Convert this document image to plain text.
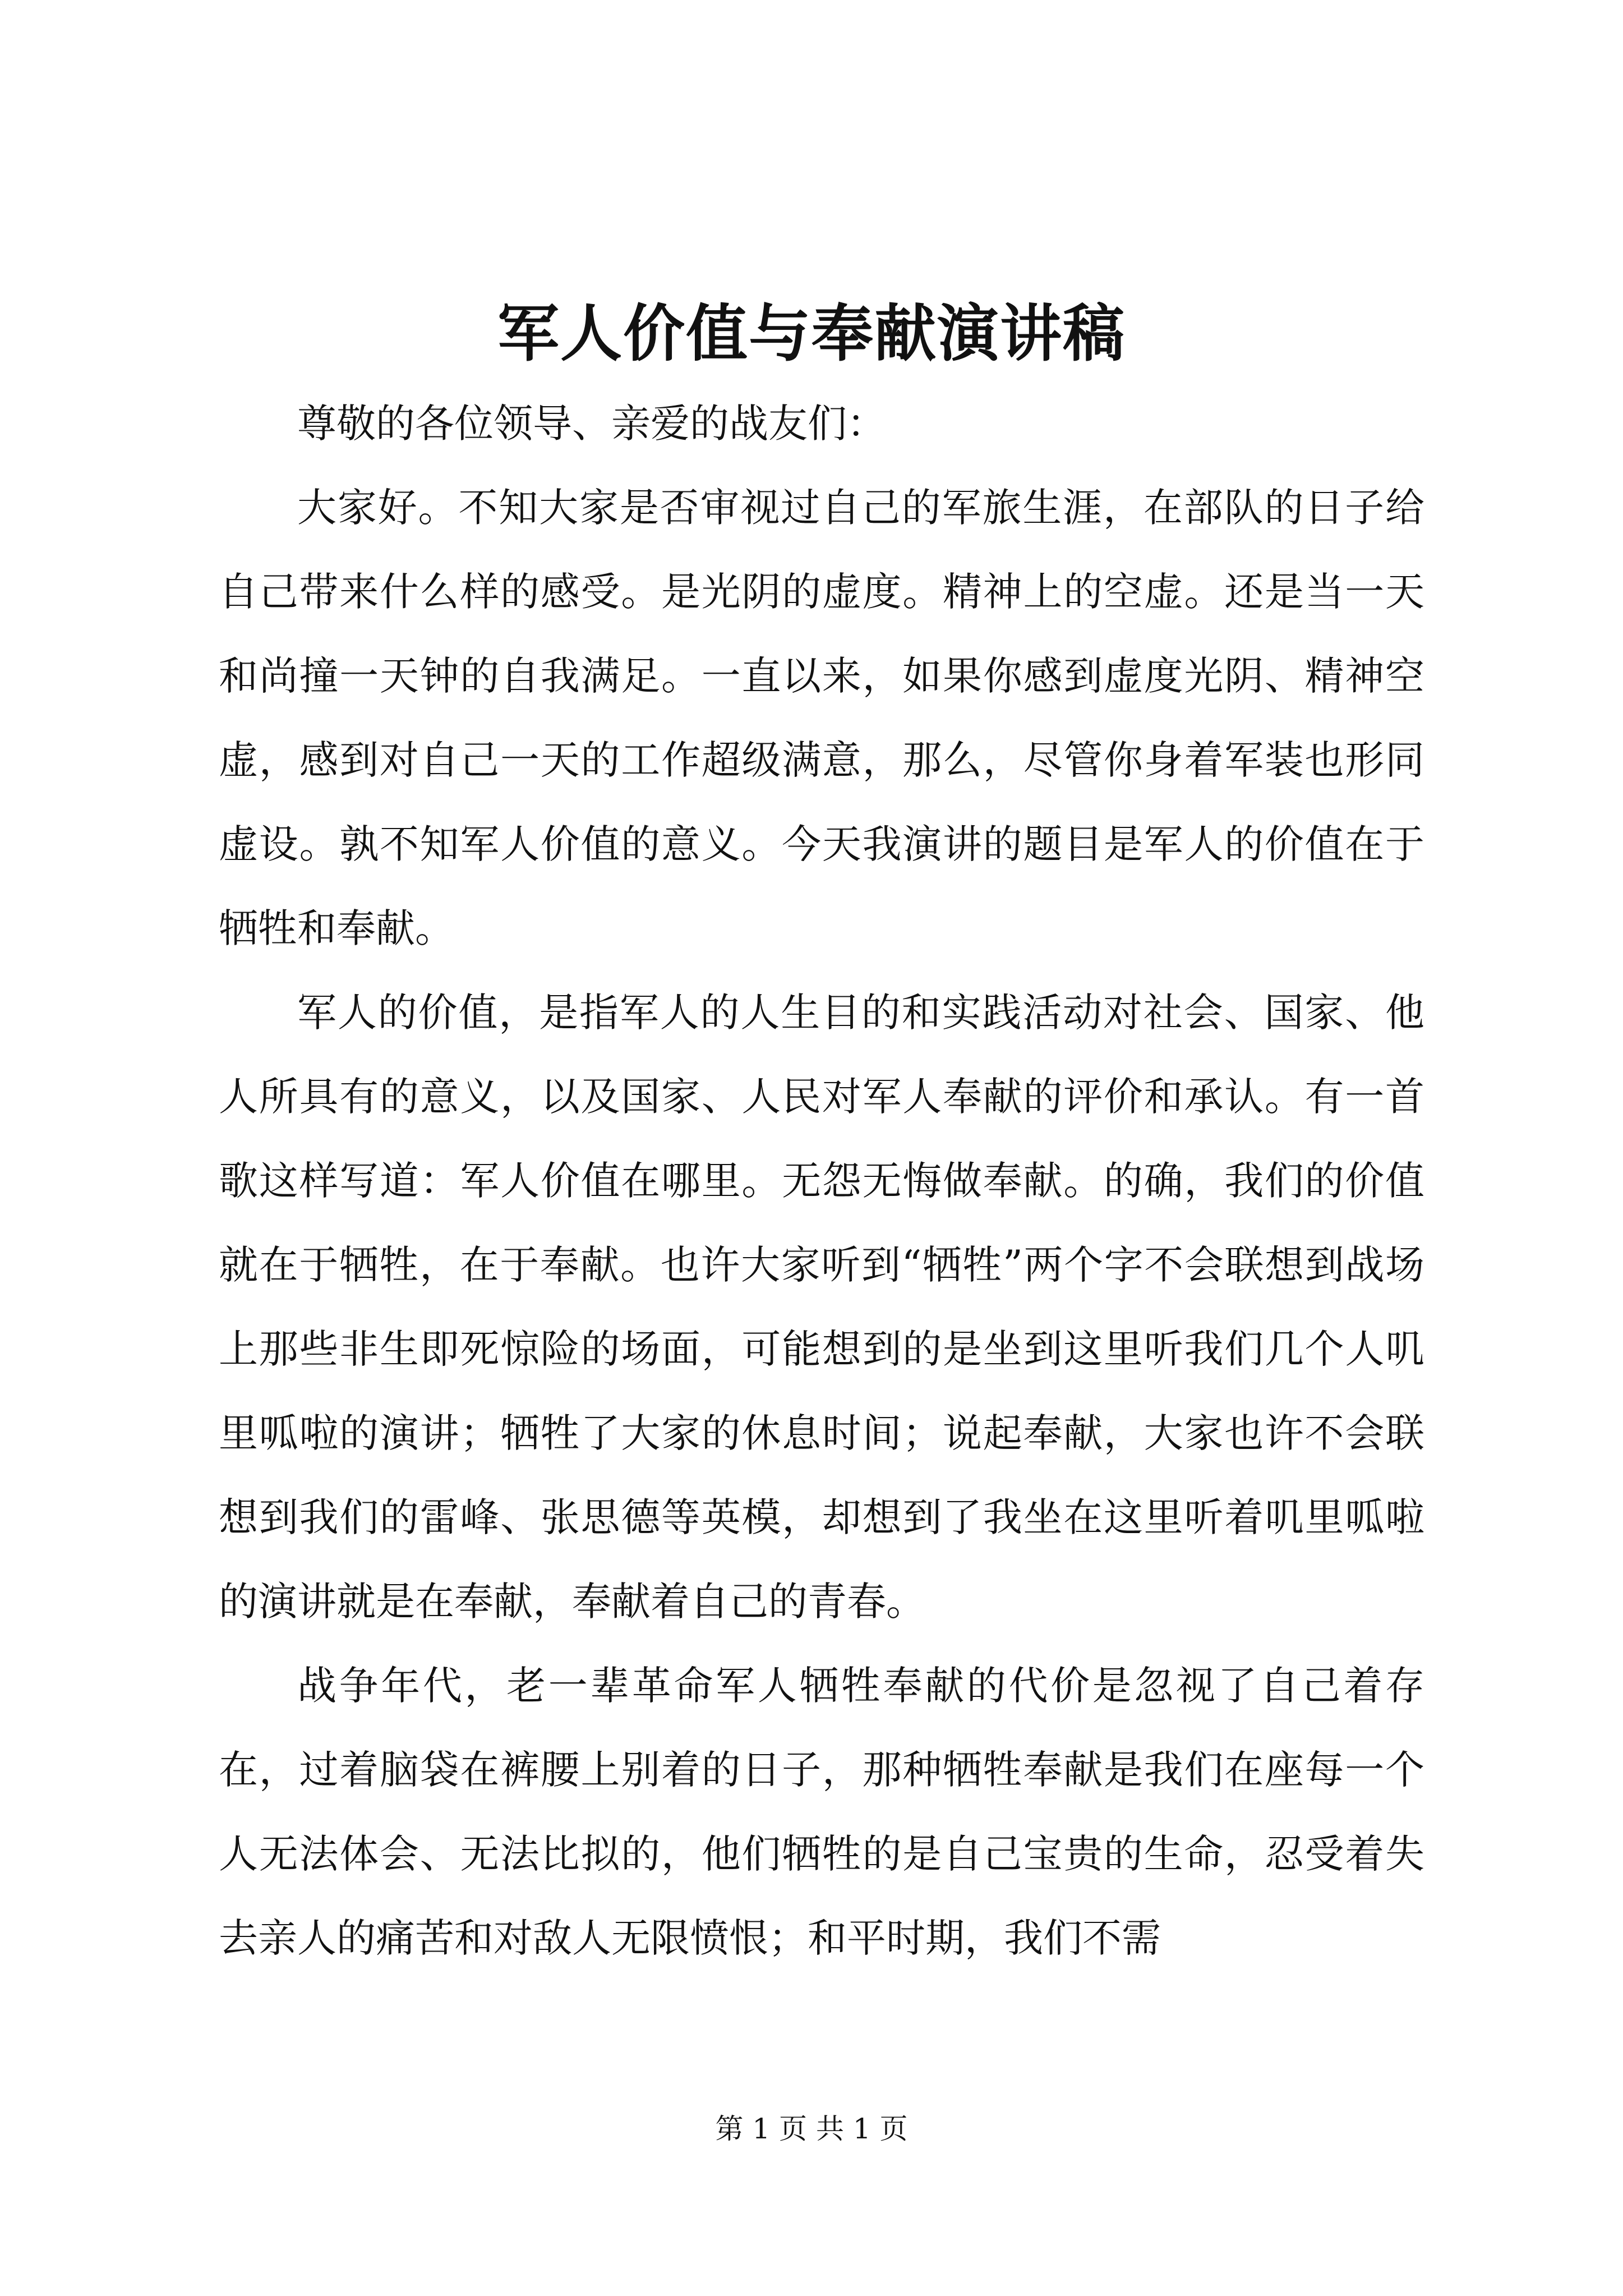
军人价值与奉献演讲稿

尊敬的各位领导、亲爱的战友们：

大家好。不知大家是否审视过自己的军旅生涯，在部队的日子给自己带来什么样的感受。是光阴的虚度。精神上的空虚。还是当一天和尚撞一天钟的自我满足。一直以来，如果你感到虚度光阴、精神空虚，感到对自己一天的工作超级满意，那么，尽管你身着军装也形同虚设。孰不知军人价值的意义。今天我演讲的题目是军人的价值在于牺牲和奉献。

军人的价值，是指军人的人生目的和实践活动对社会、国家、他人所具有的意义，以及国家、人民对军人奉献的评价和承认。有一首歌这样写道：军人价值在哪里。无怨无悔做奉献。的确，我们的价值就在于牺牲，在于奉献。也许大家听到“牺牲”两个字不会联想到战场上那些非生即死惊险的场面，可能想到的是坐到这里听我们几个人叽里呱啦的演讲；牺牲了大家的休息时间；说起奉献，大家也许不会联想到我们的雷峰、张思德等英模，却想到了我坐在这里听着叽里呱啦的演讲就是在奉献，奉献着自己的青春。

战争年代，老一辈革命军人牺牲奉献的代价是忽视了自己着存在，过着脑袋在裤腰上别着的日子，那种牺牲奉献是我们在座每一个人无法体会、无法比拟的，他们牺牲的是自己宝贵的生命，忍受着失去亲人的痛苦和对敌人无限愤恨；和平时期，我们不需

第 1 页 共 1 页
